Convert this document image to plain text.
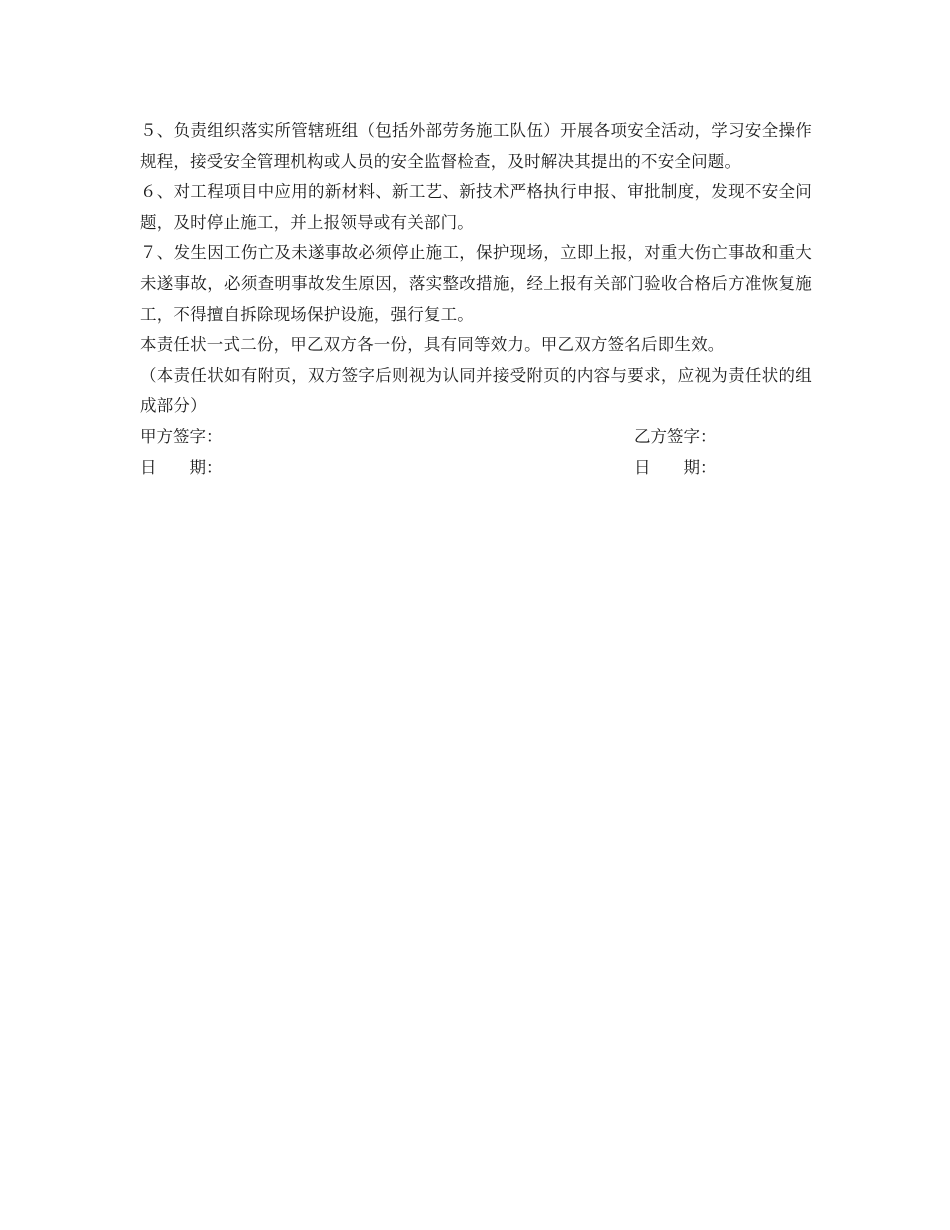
５、负责组织落实所管辖班组（包括外部劳务施工队伍）开展各项安全活动，学习安全操作规程，接受安全管理机构或人员的安全监督检查，及时解决其提出的不安全问题。

６、对工程项目中应用的新材料、新工艺、新技术严格执行申报、审批制度，发现不安全问题，及时停止施工，并上报领导或有关部门。

７、发生因工伤亡及未遂事故必须停止施工，保护现场，立即上报，对重大伤亡事故和重大未遂事故，必须查明事故发生原因，落实整改措施，经上报有关部门验收合格后方准恢复施工，不得擅自拆除现场保护设施，强行复工。

本责任状一式二份，甲乙双方各一份，具有同等效力。甲乙双方签名后即生效。

（本责任状如有附页，双方签字后则视为认同并接受附页的内容与要求，应视为责任状的组成部分）

甲方签字：	乙方签字：
日　　期：	日　　期：
